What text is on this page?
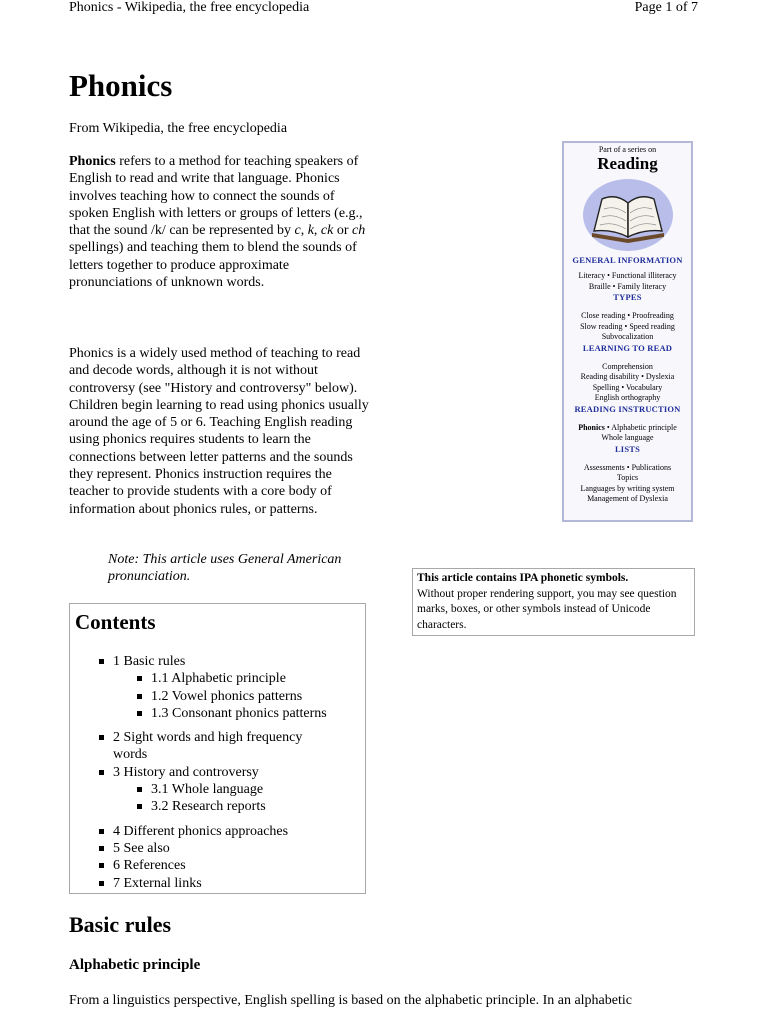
Phonics - Wikipedia, the free encyclopedia	Page 1 of 7
Phonics
From Wikipedia, the free encyclopedia

Phonics refers to a method for teaching speakers of English to read and write that language. Phonics involves teaching how to connect the sounds of spoken English with letters or groups of letters (e.g., that the sound /k/ can be represented by c, k, ck or ch spellings) and teaching them to blend the sounds of letters together to produce approximate pronunciations of unknown words.

Phonics is a widely used method of teaching to read and decode words, although it is not without controversy (see "History and controversy" below). Children begin learning to read using phonics usually around the age of 5 or 6. Teaching English reading using phonics requires students to learn the connections between letter patterns and the sounds they represent. Phonics instruction requires the teacher to provide students with a core body of information about phonics rules, or patterns.

Note: This article uses General American pronunciation.
Part of a series on
Reading
GENERAL INFORMATION
Literacy • Functional illiteracy
Braille • Family literacy
TYPES
Close reading • Proofreading
Slow reading • Speed reading
Subvocalization
LEARNING TO READ
Comprehension
Reading disability • Dyslexia
Spelling • Vocabulary
English orthography
READING INSTRUCTION
Phonics • Alphabetic principle
Whole language
LISTS
Assessments • Publications
Topics
Languages by writing system
Management of Dyslexia
This article contains IPA phonetic symbols.
Without proper rendering support, you may see question marks, boxes, or other symbols instead of Unicode characters.
Contents
1 Basic rules
1.1 Alphabetic principle
1.2 Vowel phonics patterns
1.3 Consonant phonics patterns
2 Sight words and high frequency words
3 History and controversy
3.1 Whole language
3.2 Research reports
4 Different phonics approaches
5 See also
6 References
7 External links
Basic rules
Alphabetic principle
From a linguistics perspective, English spelling is based on the alphabetic principle. In an alphabetic
